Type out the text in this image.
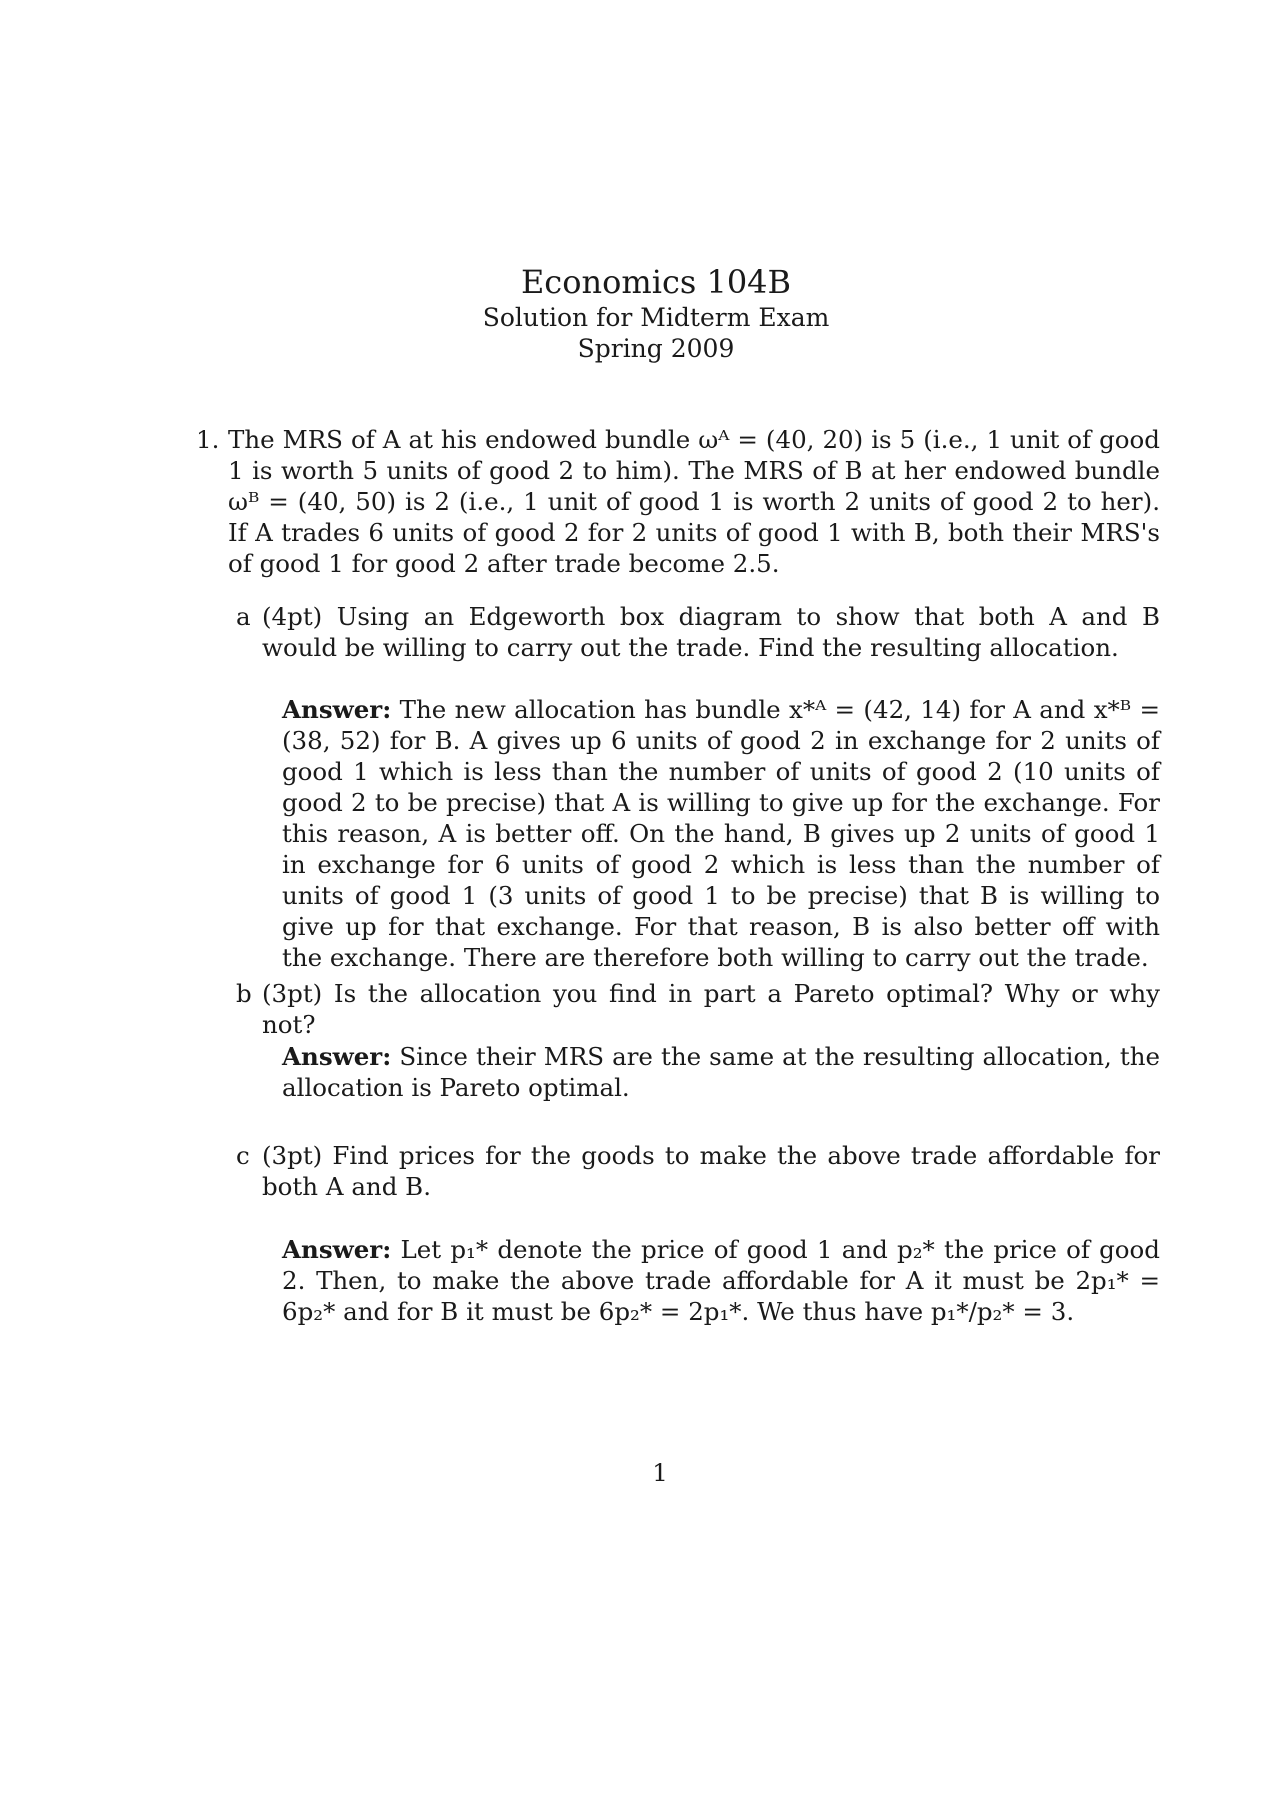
Economics 104B
Solution for Midterm Exam
Spring 2009
1. The MRS of A at his endowed bundle ωᴬ = (40, 20) is 5 (i.e., 1 unit of good 1 is worth 5 units of good 2 to him). The MRS of B at her endowed bundle ωᴮ = (40, 50) is 2 (i.e., 1 unit of good 1 is worth 2 units of good 2 to her). If A trades 6 units of good 2 for 2 units of good 1 with B, both their MRS's of good 1 for good 2 after trade become 2.5.
a (4pt) Using an Edgeworth box diagram to show that both A and B would be willing to carry out the trade. Find the resulting allocation.
Answer: The new allocation has bundle x*ᴬ = (42, 14) for A and x*ᴮ = (38, 52) for B. A gives up 6 units of good 2 in exchange for 2 units of good 1 which is less than the number of units of good 2 (10 units of good 2 to be precise) that A is willing to give up for the exchange. For this reason, A is better off. On the hand, B gives up 2 units of good 1 in exchange for 6 units of good 2 which is less than the number of units of good 1 (3 units of good 1 to be precise) that B is willing to give up for that exchange. For that reason, B is also better off with the exchange. There are therefore both willing to carry out the trade.
b (3pt) Is the allocation you find in part a Pareto optimal? Why or why not?
Answer: Since their MRS are the same at the resulting allocation, the allocation is Pareto optimal.
c (3pt) Find prices for the goods to make the above trade affordable for both A and B.
Answer: Let p₁* denote the price of good 1 and p₂* the price of good 2. Then, to make the above trade affordable for A it must be 2p₁* = 6p₂* and for B it must be 6p₂* = 2p₁*. We thus have p₁*/p₂* = 3.
1
